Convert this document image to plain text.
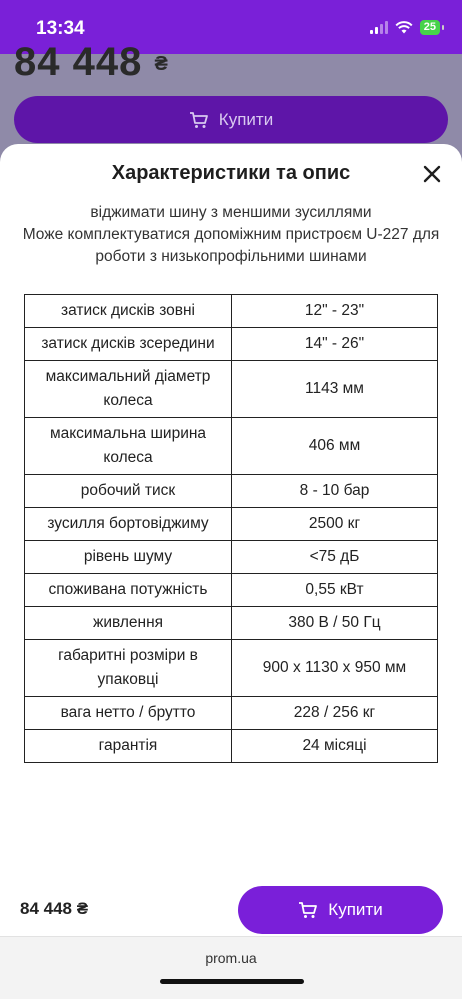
13:34	25
84 448 ₴
Купити
Характеристики та опис
віджимати шину з меншими зусиллями
Може комплектуватися допоміжним пристроєм U-227 для роботи з низькопрофільними шинами
затиск дисків зовні	12" - 23"
затиск дисків зсередини	14" - 26"
максимальний діаметр колеса	1143 мм
максимальна ширина колеса	406 мм
робочий тиск	8 - 10 бар
зусилля бортовіджиму	2500 кг
рівень шуму	˂75 дБ
споживана потужність	0,55 кВт
живлення	380 В / 50 Гц
габаритні розміри в упаковці	900 x 1130 x 950 мм
вага нетто / брутто	228 / 256 кг
гарантія	24 місяці
84 448 ₴	Купити
prom.ua
